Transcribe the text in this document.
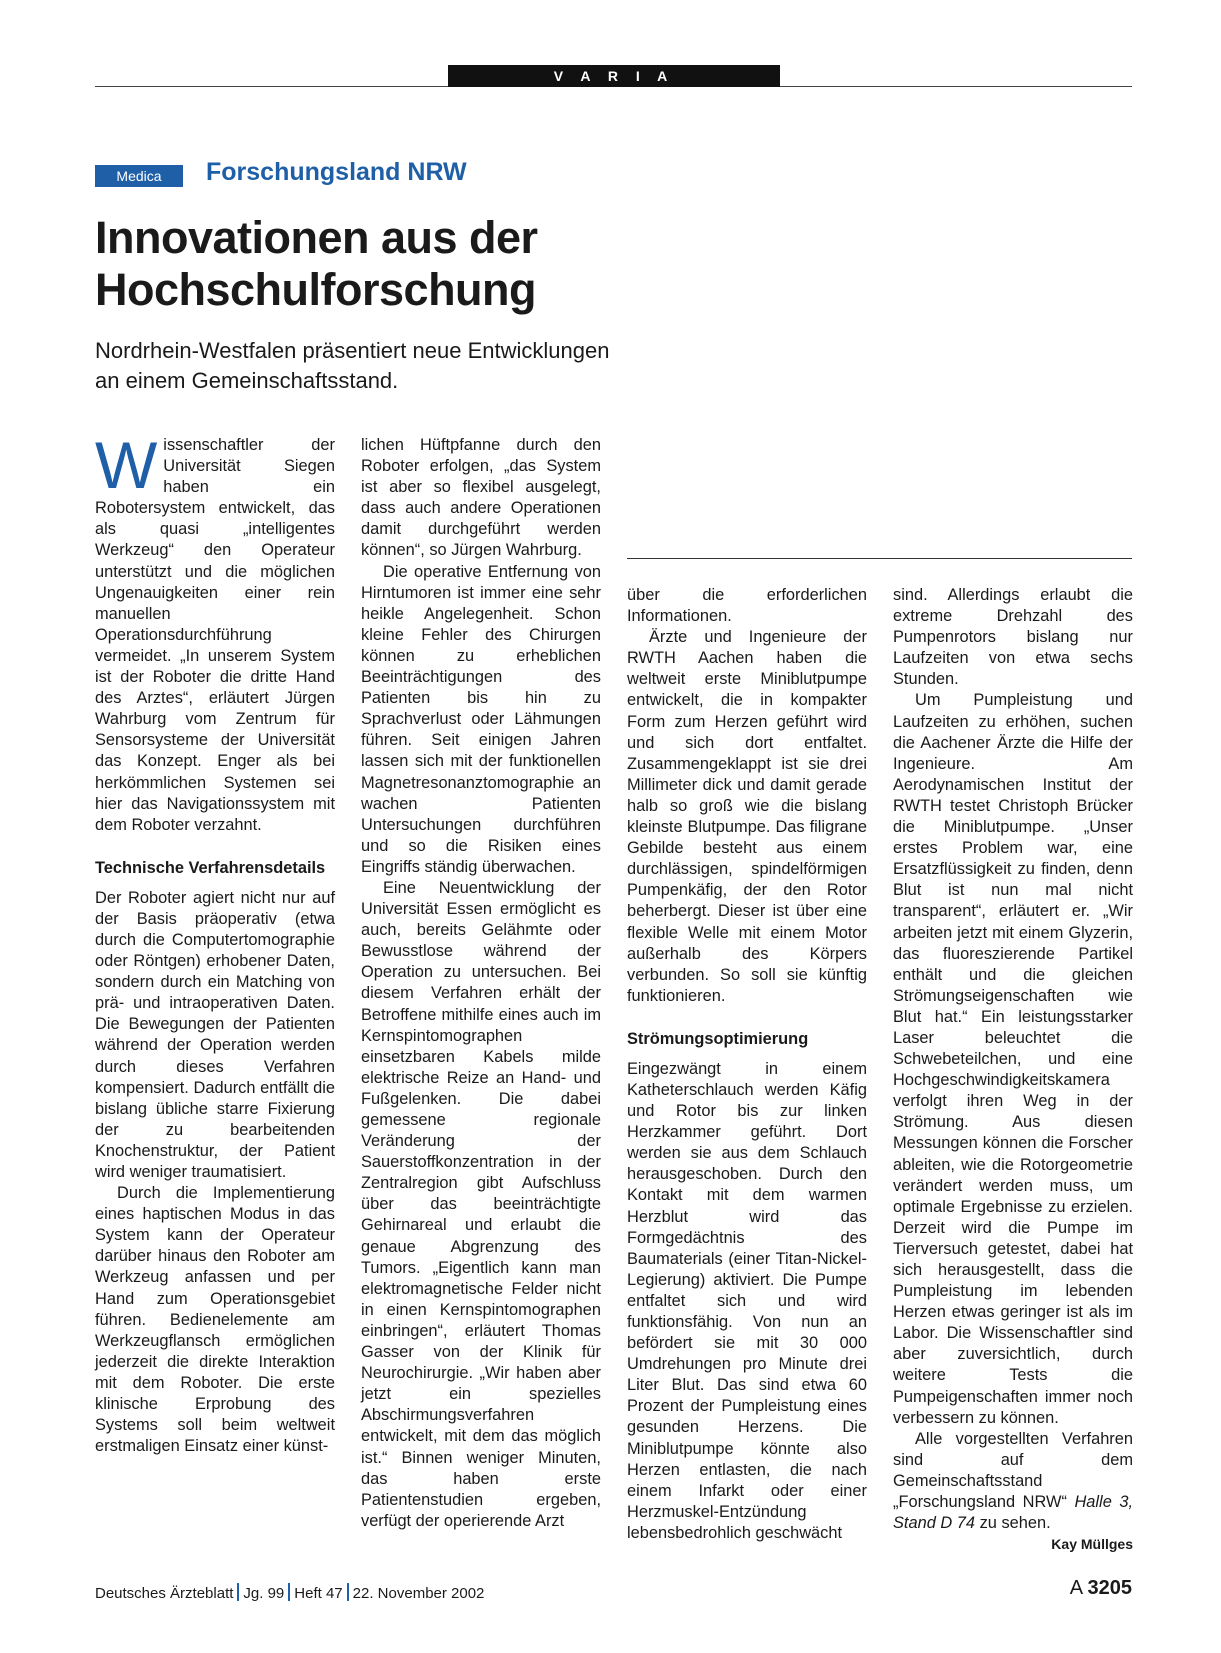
V A R I A
Medica	Forschungsland NRW
Innovationen aus der Hochschulforschung
Nordrhein-Westfalen präsentiert neue Entwicklungen an einem Gemeinschaftsstand.

Wissenschaftler der Universität Siegen haben ein Robotersystem entwickelt, das als quasi „intelligentes Werkzeug“ den Operateur unterstützt und die möglichen Ungenauigkeiten einer rein manuellen Operationsdurchführung vermeidet. „In unserem System ist der Roboter die dritte Hand des Arztes“, erläutert Jürgen Wahrburg vom Zentrum für Sensorsysteme der Universität das Konzept. Enger als bei herkömmlichen Systemen sei hier das Navigationssystem mit dem Roboter verzahnt.

Technische Verfahrensdetails

Der Roboter agiert nicht nur auf der Basis präoperativ (etwa durch die Computertomographie oder Röntgen) erhobener Daten, sondern durch ein Matching von prä- und intraoperativen Daten. Die Bewegungen der Patienten während der Operation werden durch dieses Verfahren kompensiert. Dadurch entfällt die bislang übliche starre Fixierung der zu bearbeitenden Knochenstruktur, der Patient wird weniger traumatisiert.

Durch die Implementierung eines haptischen Modus in das System kann der Operateur darüber hinaus den Roboter am Werkzeug anfassen und per Hand zum Operationsgebiet führen. Bedienelemente am Werkzeugflansch ermöglichen jederzeit die direkte Interaktion mit dem Roboter. Die erste klinische Erprobung des Systems soll beim weltweit erstmaligen Einsatz einer künst-

lichen Hüftpfanne durch den Roboter erfolgen, „das System ist aber so flexibel ausgelegt, dass auch andere Operationen damit durchgeführt werden können“, so Jürgen Wahrburg.

Die operative Entfernung von Hirntumoren ist immer eine sehr heikle Angelegenheit. Schon kleine Fehler des Chirurgen können zu erheblichen Beeinträchtigungen des Patienten bis hin zu Sprachverlust oder Lähmungen führen. Seit einigen Jahren lassen sich mit der funktionellen Magnetresonanztomographie an wachen Patienten Untersuchungen durchführen und so die Risiken eines Eingriffs ständig überwachen.

Eine Neuentwicklung der Universität Essen ermöglicht es auch, bereits Gelähmte oder Bewusstlose während der Operation zu untersuchen. Bei diesem Verfahren erhält der Betroffene mithilfe eines auch im Kernspintomographen einsetzbaren Kabels milde elektrische Reize an Hand- und Fußgelenken. Die dabei gemessene regionale Veränderung der Sauerstoffkonzentration in der Zentralregion gibt Aufschluss über das beeinträchtigte Gehirnareal und erlaubt die genaue Abgrenzung des Tumors. „Eigentlich kann man elektromagnetische Felder nicht in einen Kernspintomographen einbringen“, erläutert Thomas Gasser von der Klinik für Neurochirurgie. „Wir haben aber jetzt ein spezielles Abschirmungsverfahren entwickelt, mit dem das möglich ist.“ Binnen weniger Minuten, das haben erste Patientenstudien ergeben, verfügt der operierende Arzt

über die erforderlichen Informationen.

Ärzte und Ingenieure der RWTH Aachen haben die weltweit erste Miniblutpumpe entwickelt, die in kompakter Form zum Herzen geführt wird und sich dort entfaltet. Zusammengeklappt ist sie drei Millimeter dick und damit gerade halb so groß wie die bislang kleinste Blutpumpe. Das filigrane Gebilde besteht aus einem durchlässigen, spindelförmigen Pumpenkäfig, der den Rotor beherbergt. Dieser ist über eine flexible Welle mit einem Motor außerhalb des Körpers verbunden. So soll sie künftig funktionieren.

Strömungsoptimierung

Eingezwängt in einem Katheterschlauch werden Käfig und Rotor bis zur linken Herzkammer geführt. Dort werden sie aus dem Schlauch herausgeschoben. Durch den Kontakt mit dem warmen Herzblut wird das Formgedächtnis des Baumaterials (einer Titan-Nickel-Legierung) aktiviert. Die Pumpe entfaltet sich und wird funktionsfähig. Von nun an befördert sie mit 30 000 Umdrehungen pro Minute drei Liter Blut. Das sind etwa 60 Prozent der Pumpleistung eines gesunden Herzens. Die Miniblutpumpe könnte also Herzen entlasten, die nach einem Infarkt oder einer Herzmuskel-Entzündung lebensbedrohlich geschwächt

sind. Allerdings erlaubt die extreme Drehzahl des Pumpenrotors bislang nur Laufzeiten von etwa sechs Stunden.

Um Pumpleistung und Laufzeiten zu erhöhen, suchen die Aachener Ärzte die Hilfe der Ingenieure. Am Aerodynamischen Institut der RWTH testet Christoph Brücker die Miniblutpumpe. „Unser erstes Problem war, eine Ersatzflüssigkeit zu finden, denn Blut ist nun mal nicht transparent“, erläutert er. „Wir arbeiten jetzt mit einem Glyzerin, das fluoreszierende Partikel enthält und die gleichen Strömungseigenschaften wie Blut hat.“ Ein leistungsstarker Laser beleuchtet die Schwebeteilchen, und eine Hochgeschwindigkeitskamera verfolgt ihren Weg in der Strömung. Aus diesen Messungen können die Forscher ableiten, wie die Rotorgeometrie verändert werden muss, um optimale Ergebnisse zu erzielen. Derzeit wird die Pumpe im Tierversuch getestet, dabei hat sich herausgestellt, dass die Pumpleistung im lebenden Herzen etwas geringer ist als im Labor. Die Wissenschaftler sind aber zuversichtlich, durch weitere Tests die Pumpeigenschaften immer noch verbessern zu können.

Alle vorgestellten Verfahren sind auf dem Gemeinschaftsstand „Forschungsland NRW“ Halle 3, Stand D 74 zu sehen.
Kay Müllges

Deutsches Ärzteblatt Jg. 99 Heft 47 22. November 2002	A 3205
